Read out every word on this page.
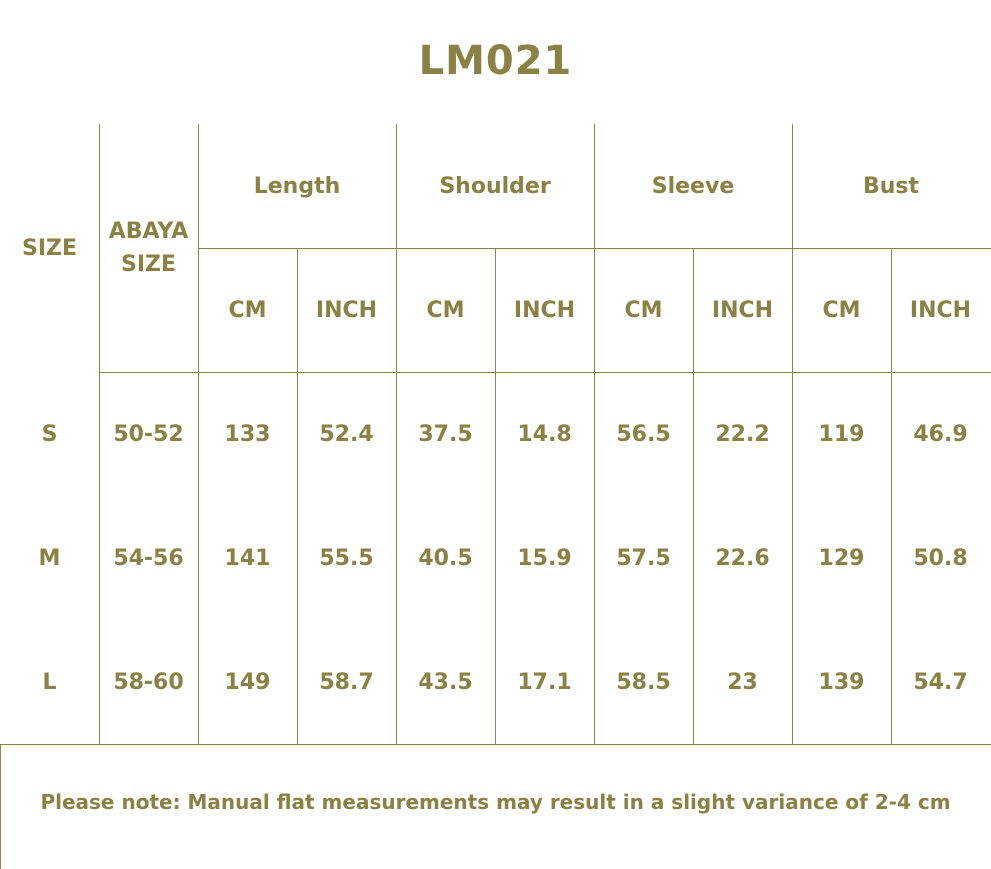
LM021
SIZE
ABAYA
SIZE
Length	Shoulder	Sleeve	Bust
CM	INCH	CM	INCH	CM	INCH	CM	INCH
S	50-52	133	52.4	37.5	14.8	56.5	22.2	119	46.9
M	54-56	141	55.5	40.5	15.9	57.5	22.6	129	50.8
L	58-60	149	58.7	43.5	17.1	58.5	23	139	54.7
Please note: Manual flat measurements may result in a slight variance of 2-4 cm
